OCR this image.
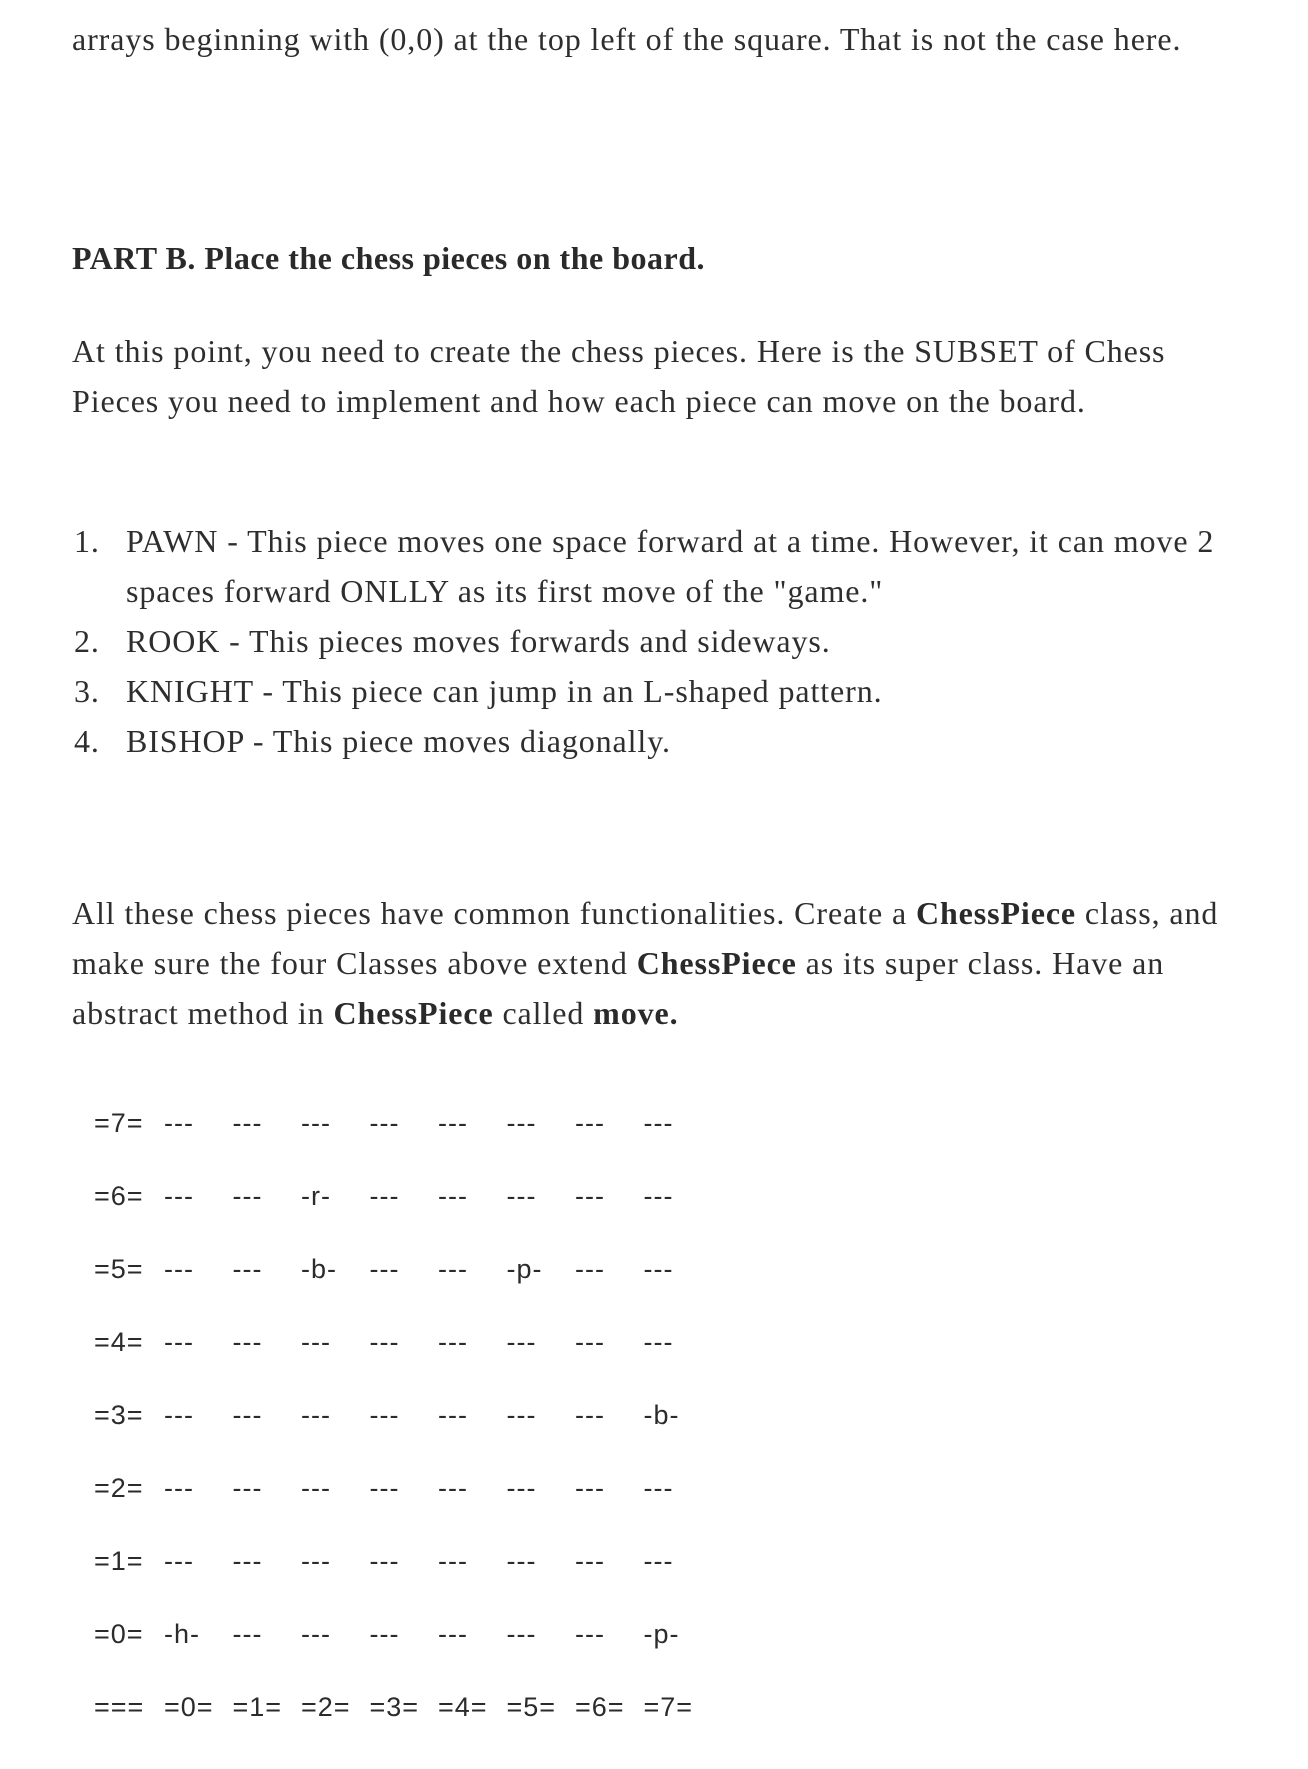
arrays beginning with (0,0) at the top left of the square. That is not the case here.
PART B. Place the chess pieces on the board.
At this point, you need to create the chess pieces. Here is the SUBSET of Chess Pieces you need to implement and how each piece can move on the board.
1. PAWN - This piece moves one space forward at a time. However, it can move 2 spaces forward ONLLY as its first move of the "game."
2. ROOK - This pieces moves forwards and sideways.
3. KNIGHT - This piece can jump in an L-shaped pattern.
4. BISHOP - This piece moves diagonally.
All these chess pieces have common functionalities. Create a ChessPiece class, and make sure the four Classes above extend ChessPiece as its super class. Have an abstract method in ChessPiece called move.
=7= ---	---	---	---	---	---	---	---
=6= ---	---	-r-	---	---	---	---	---
=5= ---	---	-b-	---	---	-p-	---	---
=4= ---	---	---	---	---	---	---	---
=3= ---	---	---	---	---	---	---	-b-
=2= ---	---	---	---	---	---	---	---
=1= ---	---	---	---	---	---	---	---
=0= -h-	---	---	---	---	---	---	-p-
=== =0= =1= =2= =3= =4= =5= =6= =7=
